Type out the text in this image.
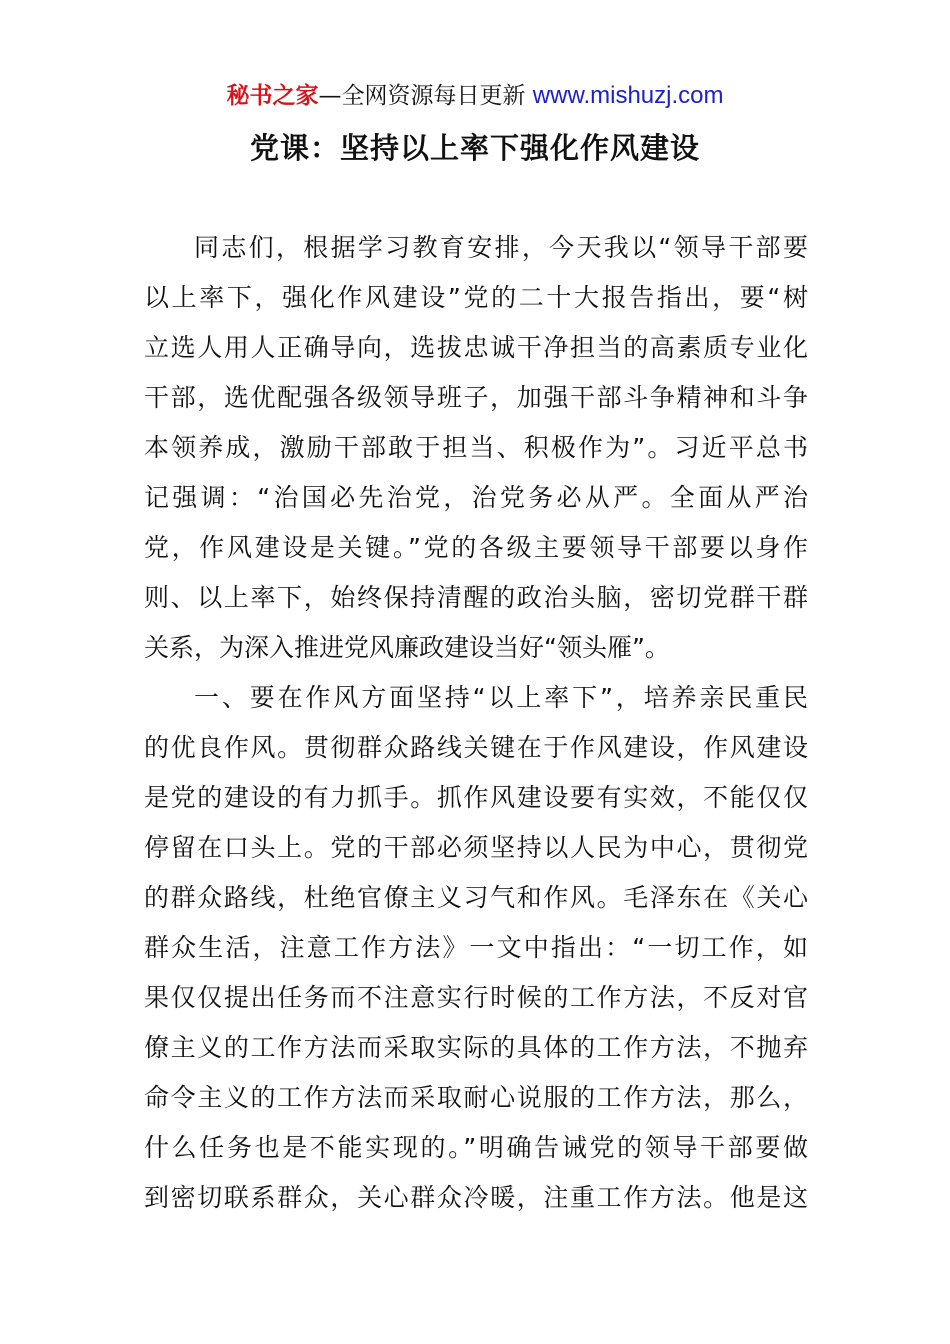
秘书之家—全网资源每日更新 www.mishuzj.com
党课：坚持以上率下强化作风建设
同志们，根据学习教育安排，今天我以“领导干部要
以上率下，强化作风建设”党的二十大报告指出，要“树
立选人用人正确导向，选拔忠诚干净担当的高素质专业化
干部，选优配强各级领导班子，加强干部斗争精神和斗争
本领养成，激励干部敢于担当、积极作为”。习近平总书
记强调：“治国必先治党，治党务必从严。全面从严治
党，作风建设是关键。”党的各级主要领导干部要以身作
则、以上率下，始终保持清醒的政治头脑，密切党群干群
关系，为深入推进党风廉政建设当好“领头雁”。
一、要在作风方面坚持“以上率下”，培养亲民重民
的优良作风。贯彻群众路线关键在于作风建设，作风建设
是党的建设的有力抓手。抓作风建设要有实效，不能仅仅
停留在口头上。党的干部必须坚持以人民为中心，贯彻党
的群众路线，杜绝官僚主义习气和作风。毛泽东在《关心
群众生活，注意工作方法》一文中指出：“一切工作，如
果仅仅提出任务而不注意实行时候的工作方法，不反对官
僚主义的工作方法而采取实际的具体的工作方法，不抛弃
命令主义的工作方法而采取耐心说服的工作方法，那么，
什么任务也是不能实现的。”明确告诫党的领导干部要做
到密切联系群众，关心群众冷暖，注重工作方法。他是这
